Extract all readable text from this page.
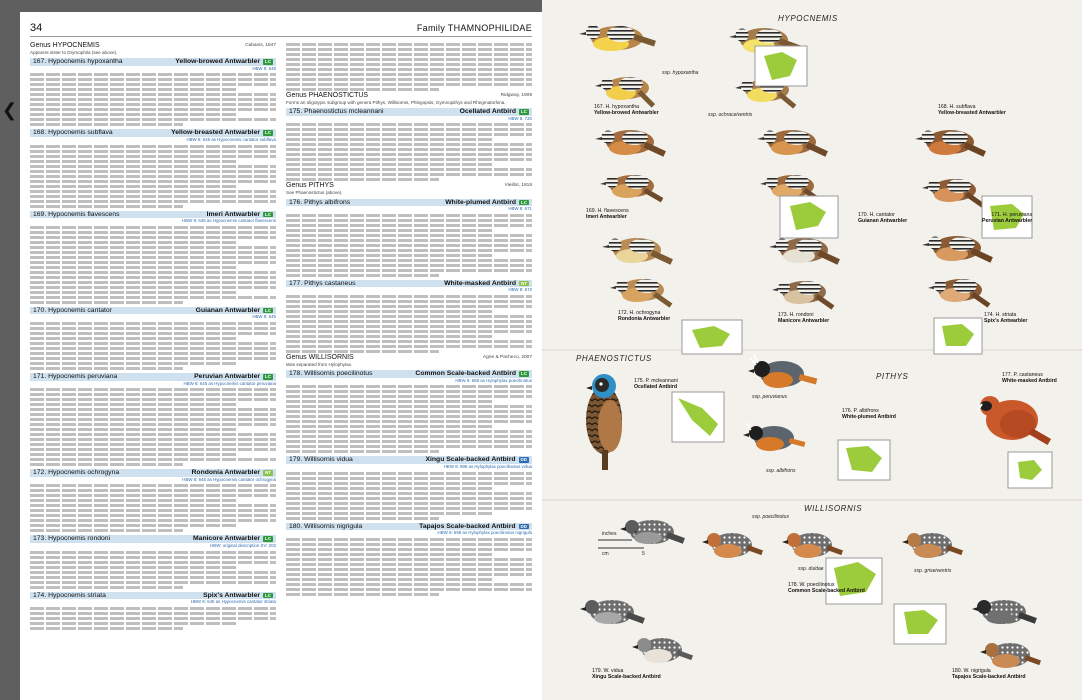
❮
34	Family THAMNOPHILIDAE
Genus HYPOCNEMIS	Cabanis, 1847
Apparent sister to Drymophila (see above).
167. Hypocnemis hypoxantha	Yellow-browed Antwarbler LC
HBW 8: 648
168. Hypocnemis subflava	Yellow-breasted Antwarbler LC
HBW 8: 645 as Hypocnemis cantator subflava
169. Hypocnemis flavescens	Imeri Antwarbler LC
HBW 8: 645 as Hypocnemis cantator flavescens
170. Hypocnemis cantator	Guianan Antwarbler LC
HBW 8: 645
171. Hypocnemis peruviana	Peruvian Antwarbler LC
HBW 8: 645 as Hypocnemis cantator peruviana
172. Hypocnemis ochrogyna	Rondonia Antwarbler NT
HBW 8: 645 as Hypocnemis cantator ochrogyna
173. Hypocnemis rondoni	Manicore Antwarbler LC
HBW: original description SV: 202
174. Hypocnemis striata	Spix's Antwarbler LC
HBW 8: 645 as Hypocnemis cantator striata
Genus PHAENOSTICTUS	Ridgway, 1909
Forms an oligotypic subgroup with genera Pithys, Willisornis, Phlegopsis, Gymnopithys and Rhegmatorhina.
175. Phaenostictus mcleannani	Ocellated Antbird LC
HBW 8: 720
Genus PITHYS	Vieillot, 1818
See Phaenostictus (above).
176. Pithys albifrons	White-plumed Antbird LC
HBW 8: 671
177. Pithys castaneus	White-masked Antbird NT
HBW 8: 672
Genus WILLISORNIS	Agne & Pacheco, 2007
Was separated from Hylophylax.
178. Willisornis poecilinotus	Common Scale-backed Antbird LC
HBW 8: 698 as Hylophylax poecilinotus
179. Willisornis vidua	Xingu Scale-backed Antbird DD
HBW 8: 698 as Hylophylax poecilinotus vidua
180. Willisornis nigrigula	Tapajos Scale-backed Antbird DD
HBW 8: 698 as Hylophylax poecilinotus nigrigula
HYPOCNEMIS
PHAENOSTICTUS
PITHYS
WILLISORNIS
167. H. hypoxantha
Yellow-browed Antwarbler
168. H. subflava
Yellow-breasted Antwarbler
169. H. flavescens
Imeri Antwarbler	170. H. cantator
Guianan Antwarbler
171. H. peruviana
Peruvian Antwarbler
172. H. ochrogyna
Rondonia Antwarbler
173. H. rondoni
Manicore Antwarbler
174. H. striata
Spix's Antwarbler
175. P. mcleannani
Ocellated Antbird
176. P. albifrons
White-plumed Antbird
177. P. castaneus
White-masked Antbird
178. W. poecilinotus
Common Scale-backed Antbird
179. W. vidua
Xingu Scale-backed Antbird
180. W. nigrigula
Tapajos Scale-backed Antbird
ssp. hypoxantha
ssp. ochraceiventris
ssp. peruvianus
ssp. albifrons
ssp. poecilinotus
ssp. duidae	ssp. griseiventris
inches	3
cm	5
